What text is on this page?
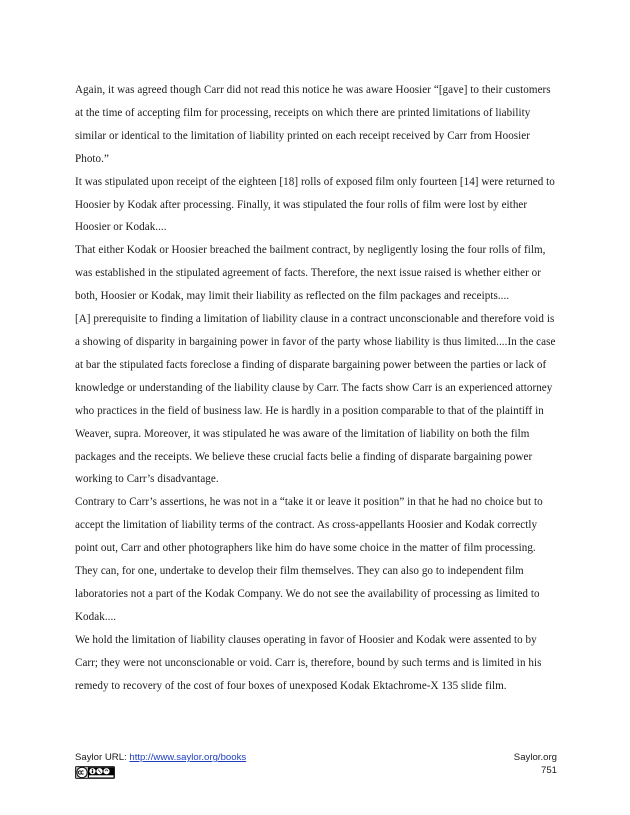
Again, it was agreed though Carr did not read this notice he was aware Hoosier “[gave] to their customers at the time of accepting film for processing, receipts on which there are printed limitations of liability similar or identical to the limitation of liability printed on each receipt received by Carr from Hoosier Photo.”

It was stipulated upon receipt of the eighteen [18] rolls of exposed film only fourteen [14] were returned to Hoosier by Kodak after processing. Finally, it was stipulated the four rolls of film were lost by either Hoosier or Kodak....

That either Kodak or Hoosier breached the bailment contract, by negligently losing the four rolls of film, was established in the stipulated agreement of facts. Therefore, the next issue raised is whether either or both, Hoosier or Kodak, may limit their liability as reflected on the film packages and receipts....

[A] prerequisite to finding a limitation of liability clause in a contract unconscionable and therefore void is a showing of disparity in bargaining power in favor of the party whose liability is thus limited....In the case at bar the stipulated facts foreclose a finding of disparate bargaining power between the parties or lack of knowledge or understanding of the liability clause by Carr. The facts show Carr is an experienced attorney who practices in the field of business law. He is hardly in a position comparable to that of the plaintiff in Weaver, supra. Moreover, it was stipulated he was aware of the limitation of liability on both the film packages and the receipts. We believe these crucial facts belie a finding of disparate bargaining power working to Carr’s disadvantage.

Contrary to Carr’s assertions, he was not in a “take it or leave it position” in that he had no choice but to accept the limitation of liability terms of the contract. As cross-appellants Hoosier and Kodak correctly point out, Carr and other photographers like him do have some choice in the matter of film processing. They can, for one, undertake to develop their film themselves. They can also go to independent film laboratories not a part of the Kodak Company. We do not see the availability of processing as limited to Kodak....

We hold the limitation of liability clauses operating in favor of Hoosier and Kodak were assented to by Carr; they were not unconscionable or void. Carr is, therefore, bound by such terms and is limited in his remedy to recovery of the cost of four boxes of unexposed Kodak Ektachrome-X 135 slide film.

Saylor URL: http://www.saylor.org/books	Saylor.org
751
